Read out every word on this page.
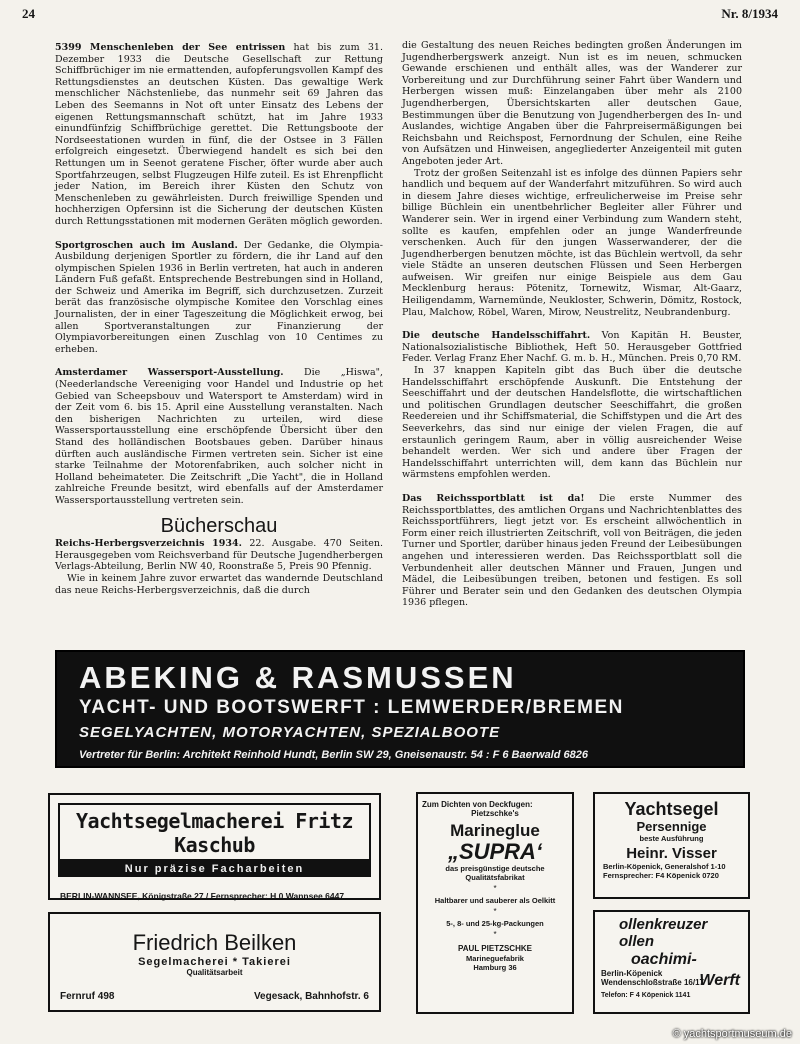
24	Nr. 8/1934

5399 Menschenleben der See entrissen hat bis zum 31. Dezember 1933 die Deutsche Gesellschaft zur Rettung Schiffbrüchiger im nie ermattenden, aufopferungsvollen Kampf des Rettungsdienstes an deutschen Küsten. Das gewaltige Werk menschlicher Nächstenliebe, das nunmehr seit 69 Jahren das Leben des Seemanns in Not oft unter Einsatz des Lebens der eigenen Rettungsmannschaft schützt, hat im Jahre 1933 einundfünfzig Schiffbrüchige gerettet. Die Rettungsboote der Nordseestationen wurden in fünf, die der Ostsee in 3 Fällen erfolgreich eingesetzt. Überwiegend handelt es sich bei den Rettungen um in Seenot geratene Fischer, öfter wurde aber auch Sportfahrzeugen, selbst Flugzeugen Hilfe zuteil. Es ist Ehrenpflicht jeder Nation, im Bereich ihrer Küsten den Schutz von Menschenleben zu gewährleisten. Durch freiwillige Spenden und hochherzigen Opfersinn ist die Sicherung der deutschen Küsten durch Rettungsstationen mit modernen Geräten möglich geworden.

Sportgroschen auch im Ausland. Der Gedanke, die Olympia-Ausbildung derjenigen Sportler zu fördern, die ihr Land auf den olympischen Spielen 1936 in Berlin vertreten, hat auch in anderen Ländern Fuß gefaßt. Entsprechende Bestrebungen sind in Holland, der Schweiz und Amerika im Begriff, sich durchzusetzen. Zurzeit berät das französische olympische Komitee den Vorschlag eines Journalisten, der in einer Tageszeitung die Möglichkeit erwog, bei allen Sportveranstaltungen zur Finanzierung der Olympiavorbereitungen einen Zuschlag von 10 Centimes zu erheben.

Amsterdamer Wassersport-Ausstellung. Die „Hiswa", (Neederlandsche Vereeniging voor Handel und Industrie op het Gebied van Scheepsbouv und Watersport te Amsterdam) wird in der Zeit vom 6. bis 15. April eine Ausstellung veranstalten. Nach den bisherigen Nachrichten zu urteilen, wird diese Wassersportausstellung eine erschöpfende Übersicht über den Stand des holländischen Bootsbaues geben. Darüber hinaus dürften auch ausländische Firmen vertreten sein. Sicher ist eine starke Teilnahme der Motorenfabriken, auch solcher nicht in Holland beheimateter. Die Zeitschrift „Die Yacht", die in Holland zahlreiche Freunde besitzt, wird ebenfalls auf der Amsterdamer Wassersportausstellung vertreten sein.

Bücherschau

Reichs-Herbergsverzeichnis 1934. 22. Ausgabe. 470 Seiten. Herausgegeben vom Reichsverband für Deutsche Jugendherbergen Verlags-Abteilung, Berlin NW 40, Roonstraße 5, Preis 90 Pfennig.

Wie in keinem Jahre zuvor erwartet das wandernde Deutschland das neue Reichs-Herbergsverzeichnis, daß die durch

die Gestaltung des neuen Reiches bedingten großen Änderungen im Jugendherbergswerk anzeigt. Nun ist es im neuen, schmucken Gewande erschienen und enthält alles, was der Wanderer zur Vorbereitung und zur Durchführung seiner Fahrt über Wandern und Herbergen wissen muß: Einzelangaben über mehr als 2100 Jugendherbergen, Übersichtskarten aller deutschen Gaue, Bestimmungen über die Benutzung von Jugendherbergen des In- und Auslandes, wichtige Angaben über die Fahrpreisermäßigungen bei Reichsbahn und Reichspost, Fernordnung der Schulen, eine Reihe von Aufsätzen und Hinweisen, angegliederter Anzeigenteil mit guten Angeboten jeder Art.

Trotz der großen Seitenzahl ist es infolge des dünnen Papiers sehr handlich und bequem auf der Wanderfahrt mitzuführen. So wird auch in diesem Jahre dieses wichtige, erfreulicherweise im Preise sehr billige Büchlein ein unentbehrlicher Begleiter aller Führer und Wanderer sein. Wer in irgend einer Verbindung zum Wandern steht, sollte es kaufen, empfehlen oder an junge Wanderfreunde verschenken. Auch für den jungen Wasserwanderer, der die Jugendherbergen benutzen möchte, ist das Büchlein wertvoll, da sehr viele Städte an unseren deutschen Flüssen und Seen Herbergen aufweisen. Wir greifen nur einige Beispiele aus dem Gau Mecklenburg heraus: Pötenitz, Tornewitz, Wismar, Alt-Gaarz, Heiligendamm, Warnemünde, Neukloster, Schwerin, Dömitz, Rostock, Plau, Malchow, Röbel, Waren, Mirow, Neustrelitz, Neubrandenburg.

Die deutsche Handelsschiffahrt. Von Kapitän H. Beuster, Nationalsozialistische Bibliothek, Heft 50. Herausgeber Gottfried Feder. Verlag Franz Eher Nachf. G. m. b. H., München. Preis 0,70 RM.

In 37 knappen Kapiteln gibt das Buch über die deutsche Handelsschiffahrt erschöpfende Auskunft. Die Entstehung der Seeschiffahrt und der deutschen Handelsflotte, die wirtschaftlichen und politischen Grundlagen deutscher Seeschiffahrt, die großen Reedereien und ihr Schiffsmaterial, die Schiffstypen und die Art des Seeverkehrs, das sind nur einige der vielen Fragen, die auf erstaunlich geringem Raum, aber in völlig ausreichender Weise behandelt werden. Wer sich und andere über Fragen der Handelsschiffahrt unterrichten will, dem kann das Büchlein nur wärmstens empfohlen werden.

Das Reichssportblatt ist da! Die erste Nummer des Reichssportblattes, des amtlichen Organs und Nachrichtenblattes des Reichssportführers, liegt jetzt vor. Es erscheint allwöchentlich in Form einer reich illustrierten Zeitschrift, voll von Beiträgen, die jeden Turner und Sportler, darüber hinaus jeden Freund der Leibesübungen angehen und interessieren werden. Das Reichssportblatt soll die Verbundenheit aller deutschen Männer und Frauen, Jungen und Mädel, die Leibesübungen treiben, betonen und festigen. Es soll Führer und Berater sein und den Gedanken des deutschen Olympia 1936 pflegen.

ABEKING & RASMUSSEN
YACHT- UND BOOTSWERFT : LEMWERDER/BREMEN
SEGELYACHTEN, MOTORYACHTEN, SPEZIALBOOTE
Vertreter für Berlin: Architekt Reinhold Hundt, Berlin SW 29, Gneisenaustr. 54 : F 6 Baerwald 6826
Yachtsegelmacherei Fritz Kaschub
Nur präzise Facharbeiten
BERLIN-WANNSEE, Königstraße 27 / Fernsprecher: H 0 Wannsee 6447
Friedrich Beilken
Segelmacherei * Takierei
Qualitätsarbeit
Fernruf 498	Vegesack, Bahnhofstr. 6
Zum Dichten von Deckfugen:
Pietzschke's
Marineglue
„SUPRA‘
das preisgünstige deutsche Qualitätsfabrikat
*
Haltbarer und sauberer als Oelkitt
*
5-, 8- und 25-kg-Packungen
*
PAUL PIETZSCHKE
Marineguefabrik
Hamburg 36
Yachtsegel
Persennige
beste Ausführung
Heinr. Visser
Berlin-Köpenick, Generalshof 1-10
Fernsprecher: F4 Köpenick 0720
ollenkreuzer
ollen
oachimi-
Berlin-Köpenick
Wendenschloßstraße 16/17
Werft
Telefon: F 4 Köpenick 1141
© yachtsportmuseum.de
